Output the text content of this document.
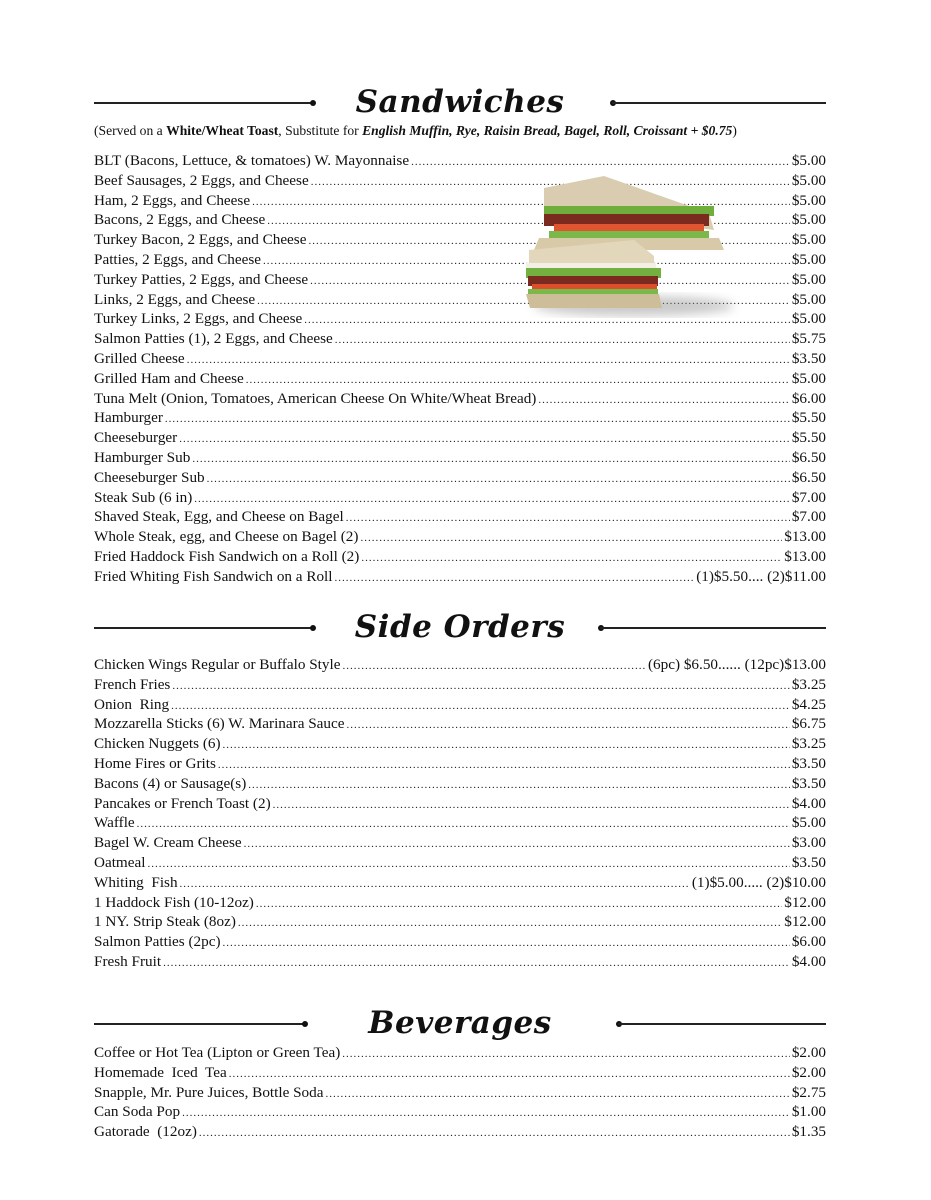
Sandwiches
(Served on a White/Wheat Toast, Substitute for English Muffin, Rye, Raisin Bread, Bagel, Roll, Croissant + $0.75)
BLT (Bacons, Lettuce, & tomatoes) W. Mayonnaise .....	$5.00
Beef Sausages, 2 Eggs, and Cheese .....	$5.00
Ham, 2 Eggs, and Cheese .....	$5.00
Bacons, 2 Eggs, and Cheese .....	$5.00
Turkey Bacon, 2 Eggs, and Cheese .....	$5.00
Patties, 2 Eggs, and Cheese .....	$5.00
Turkey Patties, 2 Eggs, and Cheese .....	$5.00
Links, 2 Eggs, and Cheese .....	$5.00
Turkey Links, 2 Eggs, and Cheese .....	$5.00
Salmon Patties (1), 2 Eggs, and Cheese .....	$5.75
Grilled Cheese .....	$3.50
Grilled Ham and Cheese .....	$5.00
Tuna Melt (Onion, Tomatoes, American Cheese On White/Wheat Bread) .....	$6.00
Hamburger .....	$5.50
Cheeseburger .....	$5.50
Hamburger Sub .....	$6.50
Cheeseburger Sub .....	$6.50
Steak Sub (6 in) .....	$7.00
Shaved Steak, Egg, and Cheese on Bagel .....	$7.00
Whole Steak, egg, and Cheese on Bagel (2) .....	$13.00
Fried Haddock Fish Sandwich on a Roll (2) .....	$13.00
Fried Whiting Fish Sandwich on a Roll .....	(1)$5.50.... (2)$11.00
Side Orders
Chicken Wings Regular or Buffalo Style .....	(6pc) $6.50...... (12pc)$13.00
French Fries .....	$3.25
Onion  Ring .....	$4.25
Mozzarella Sticks (6) W. Marinara Sauce .....	$6.75
Chicken Nuggets (6) .....	$3.25
Home Fires or Grits .....	$3.50
Bacons (4) or Sausage(s) .....	$3.50
Pancakes or French Toast (2) .....	$4.00
Waffle .....	$5.00
Bagel W. Cream Cheese .....	$3.00
Oatmeal .....	$3.50
Whiting  Fish .....	(1)$5.00..... (2)$10.00
1 Haddock Fish (10-12oz) .....	$12.00
1 NY. Strip Steak (8oz) .....	$12.00
Salmon Patties (2pc) .....	$6.00
Fresh Fruit .....	$4.00
Beverages
Coffee or Hot Tea (Lipton or Green Tea) .....	$2.00
Homemade  Iced  Tea .....	$2.00
Snapple, Mr. Pure Juices, Bottle Soda .....	$2.75
Can Soda Pop .....	$1.00
Gatorade  (12oz) .....	$1.35
